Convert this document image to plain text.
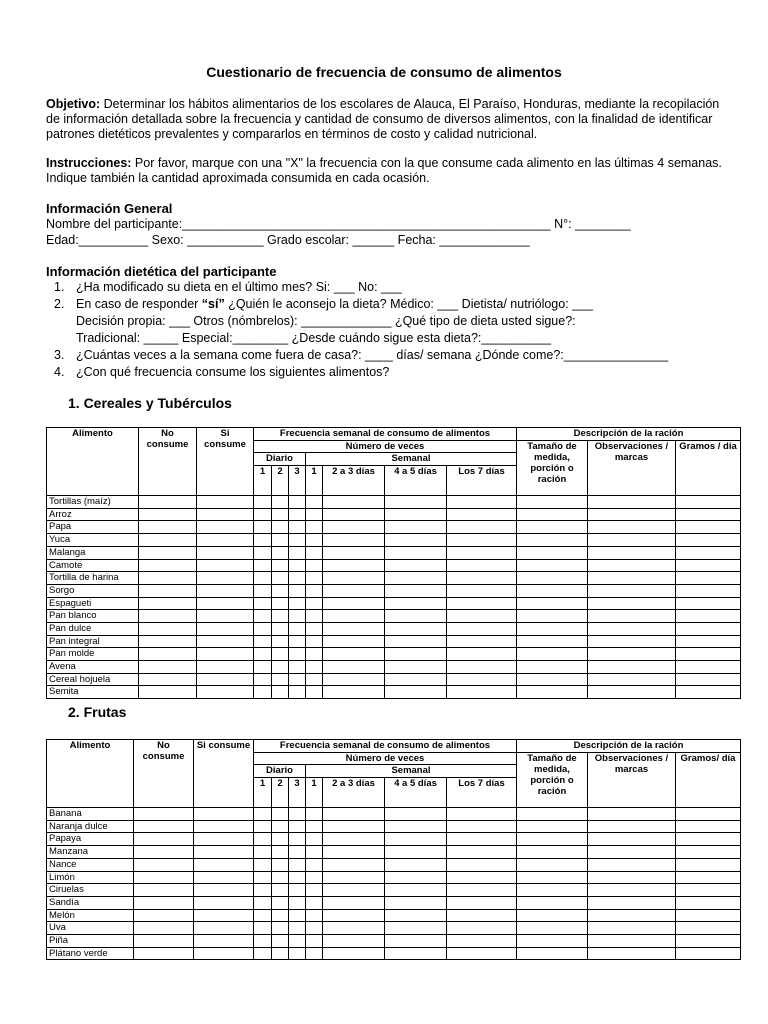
Cuestionario de frecuencia de consumo de alimentos
Objetivo: Determinar los hábitos alimentarios de los escolares de Alauca, El Paraíso, Honduras, mediante la recopilación de información detallada sobre la frecuencia y cantidad de consumo de diversos alimentos, con la finalidad de identificar patrones dietéticos prevalentes y compararlos en términos de costo y calidad nutricional.
Instrucciones: Por favor, marque con una "X" la frecuencia con la que consume cada alimento en las últimas 4 semanas. Indique también la cantidad aproximada consumida en cada ocasión.
Información General
Nombre del participante:_____________________________________________________ N°: ________
Edad:__________ Sexo: ___________ Grado escolar: ______ Fecha: _____________
Información dietética del participante
1. ¿Ha modificado su dieta en el último mes? Si: ___ No: ___
2. En caso de responder “sí” ¿Quién le aconsejo la dieta? Médico: ___ Dietista/ nutriólogo: ___
Decisión propia: ___ Otros (nómbrelos): _____________ ¿Qué tipo de dieta usted sigue?:
Tradicional: _____ Especial:________ ¿Desde cuándo sigue esta dieta?:__________
3. ¿Cuántas veces a la semana come fuera de casa?: ____ días/ semana ¿Dónde come?:_______________
4. ¿Con qué frecuencia consume los siguientes alimentos?
1. Cereales y Tubérculos
Alimento	No consume	Si consume	Frecuencia semanal de consumo de alimentos							Descripción de la ración		
			Número de veces							Tamaño de medida, porción o ración	Observaciones / marcas	Gramos / día
			Diario			Semanal						
			1	2	3	1	2 a 3 días	4 a 5 días	Los 7 días			
Tortillas (maíz)												
Arroz												
Papa												
Yuca												
Malanga												
Camote												
Tortilla de harina												
Sorgo												
Espagueti												
Pan blanco												
Pan dulce												
Pan integral												
Pan molde												
Avena												
Cereal hojuela												
Semita												
2. Frutas
Alimento	No consume	Si consume	Frecuencia semanal de consumo de alimentos							Descripción de la ración		
			Número de veces							Tamaño de medida, porción o ración	Observaciones / marcas	Gramos/ día
			Diario			Semanal						
			1	2	3	1	2 a 3 días	4 a 5 días	Los 7 días			
Banana												
Naranja dulce												
Papaya												
Manzana												
Nance												
Limón												
Ciruelas												
Sandía												
Melón												
Uva												
Piña												
Plátano verde												
